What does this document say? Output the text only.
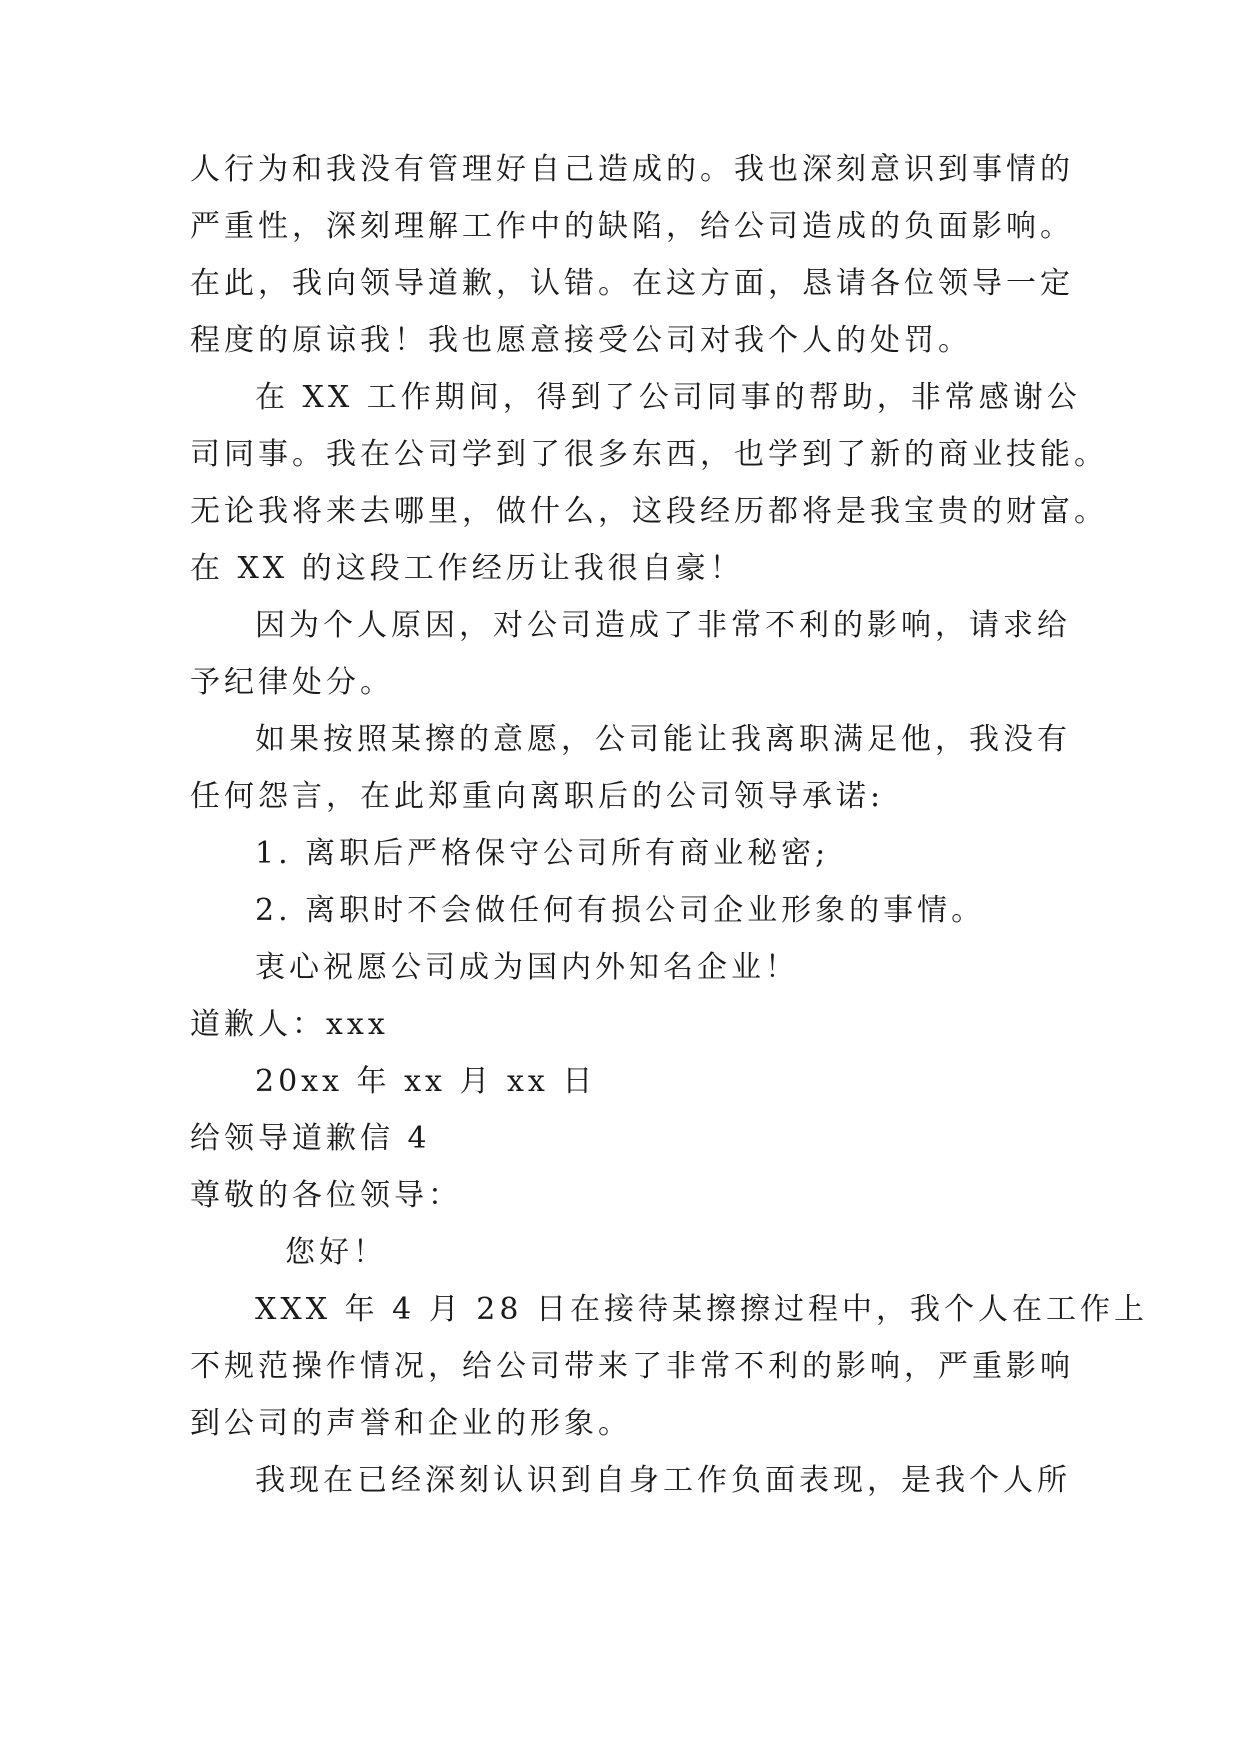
人行为和我没有管理好自己造成的。我也深刻意识到事情的
严重性，深刻理解工作中的缺陷，给公司造成的负面影响。
在此，我向领导道歉，认错。在这方面，恳请各位领导一定
程度的原谅我！我也愿意接受公司对我个人的处罚。
在 XX 工作期间，得到了公司同事的帮助，非常感谢公
司同事。我在公司学到了很多东西，也学到了新的商业技能。
无论我将来去哪里，做什么，这段经历都将是我宝贵的财富。
在 XX 的这段工作经历让我很自豪！
因为个人原因，对公司造成了非常不利的影响，请求给
予纪律处分。
如果按照某擦的意愿，公司能让我离职满足他，我没有
任何怨言，在此郑重向离职后的公司领导承诺:
1. 离职后严格保守公司所有商业秘密;
2. 离职时不会做任何有损公司企业形象的事情。
衷心祝愿公司成为国内外知名企业！
道歉人：xxx
20xx 年 xx 月 xx 日
给领导道歉信 4
尊敬的各位领导：
您好！
XXX 年 4 月 28 日在接待某擦擦过程中，我个人在工作上
不规范操作情况，给公司带来了非常不利的影响，严重影响
到公司的声誉和企业的形象。
我现在已经深刻认识到自身工作负面表现，是我个人所
